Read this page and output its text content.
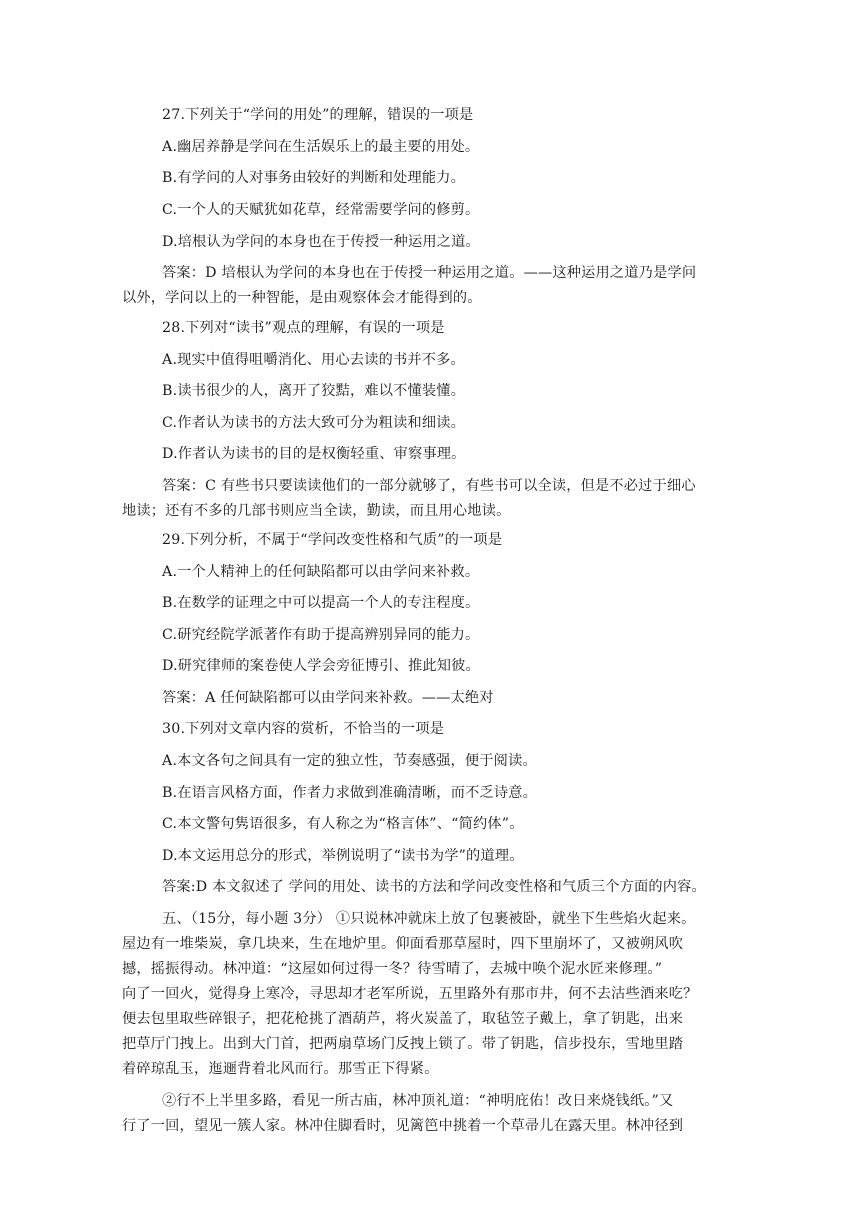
27.下列关于“学问的用处”的理解，错误的一项是
A.幽居养静是学问在生活娱乐上的最主要的用处。
B.有学问的人对事务由较好的判断和处理能力。
C.一个人的天赋犹如花草，经常需要学问的修剪。
D.培根认为学问的本身也在于传授一种运用之道。
答案：D 培根认为学问的本身也在于传授一种运用之道。——这种运用之道乃是学问
以外，学问以上的一种智能，是由观察体会才能得到的。
28.下列对“读书”观点的理解，有误的一项是
A.现实中值得咀嚼消化、用心去读的书并不多。
B.读书很少的人，离开了狡黠，难以不懂装懂。
C.作者认为读书的方法大致可分为粗读和细读。
D.作者认为读书的目的是权衡轻重、审察事理。
答案：C 有些书只要读读他们的一部分就够了，有些书可以全读，但是不必过于细心
地读；还有不多的几部书则应当全读，勤读，而且用心地读。
29.下列分析，不属于“学问改变性格和气质”的一项是
A.一个人精神上的任何缺陷都可以由学问来补救。
B.在数学的证理之中可以提高一个人的专注程度。
C.研究经院学派著作有助于提高辨别异同的能力。
D.研究律师的案卷使人学会旁征博引、推此知彼。
答案：A 任何缺陷都可以由学问来补救。——太绝对
30.下列对文章内容的赏析，不恰当的一项是
A.本文各句之间具有一定的独立性，节奏感强，便于阅读。
B.在语言风格方面，作者力求做到准确清晰，而不乏诗意。
C.本文警句隽语很多，有人称之为“格言体”、“简约体”。
D.本文运用总分的形式，举例说明了“读书为学”的道理。
答案:D 本文叙述了 学问的用处、读书的方法和学问改变性格和气质三个方面的内容。
五、（15分，每小题 3分） ①只说林冲就床上放了包裹被卧，就坐下生些焰火起来。
屋边有一堆柴炭，拿几块来，生在地炉里。仰面看那草屋时，四下里崩坏了，又被朔风吹
撼，摇振得动。林冲道：“这屋如何过得一冬？待雪晴了，去城中唤个泥水匠来修理。”
向了一回火，觉得身上寒冷，寻思却才老军所说，五里路外有那市井，何不去沽些酒来吃？
便去包里取些碎银子，把花枪挑了酒葫芦，将火炭盖了，取毡笠子戴上，拿了钥匙，出来
把草厅门拽上。出到大门首，把两扇草场门反拽上锁了。带了钥匙，信步投东，雪地里踏
着碎琼乱玉，迤逦背着北风而行。那雪正下得紧。
②行不上半里多路，看见一所古庙，林冲顶礼道：“神明庇佑！改日来烧钱纸。”又
行了一回，望见一簇人家。林冲住脚看时，见篱笆中挑着一个草帚儿在露天里。林冲径到
